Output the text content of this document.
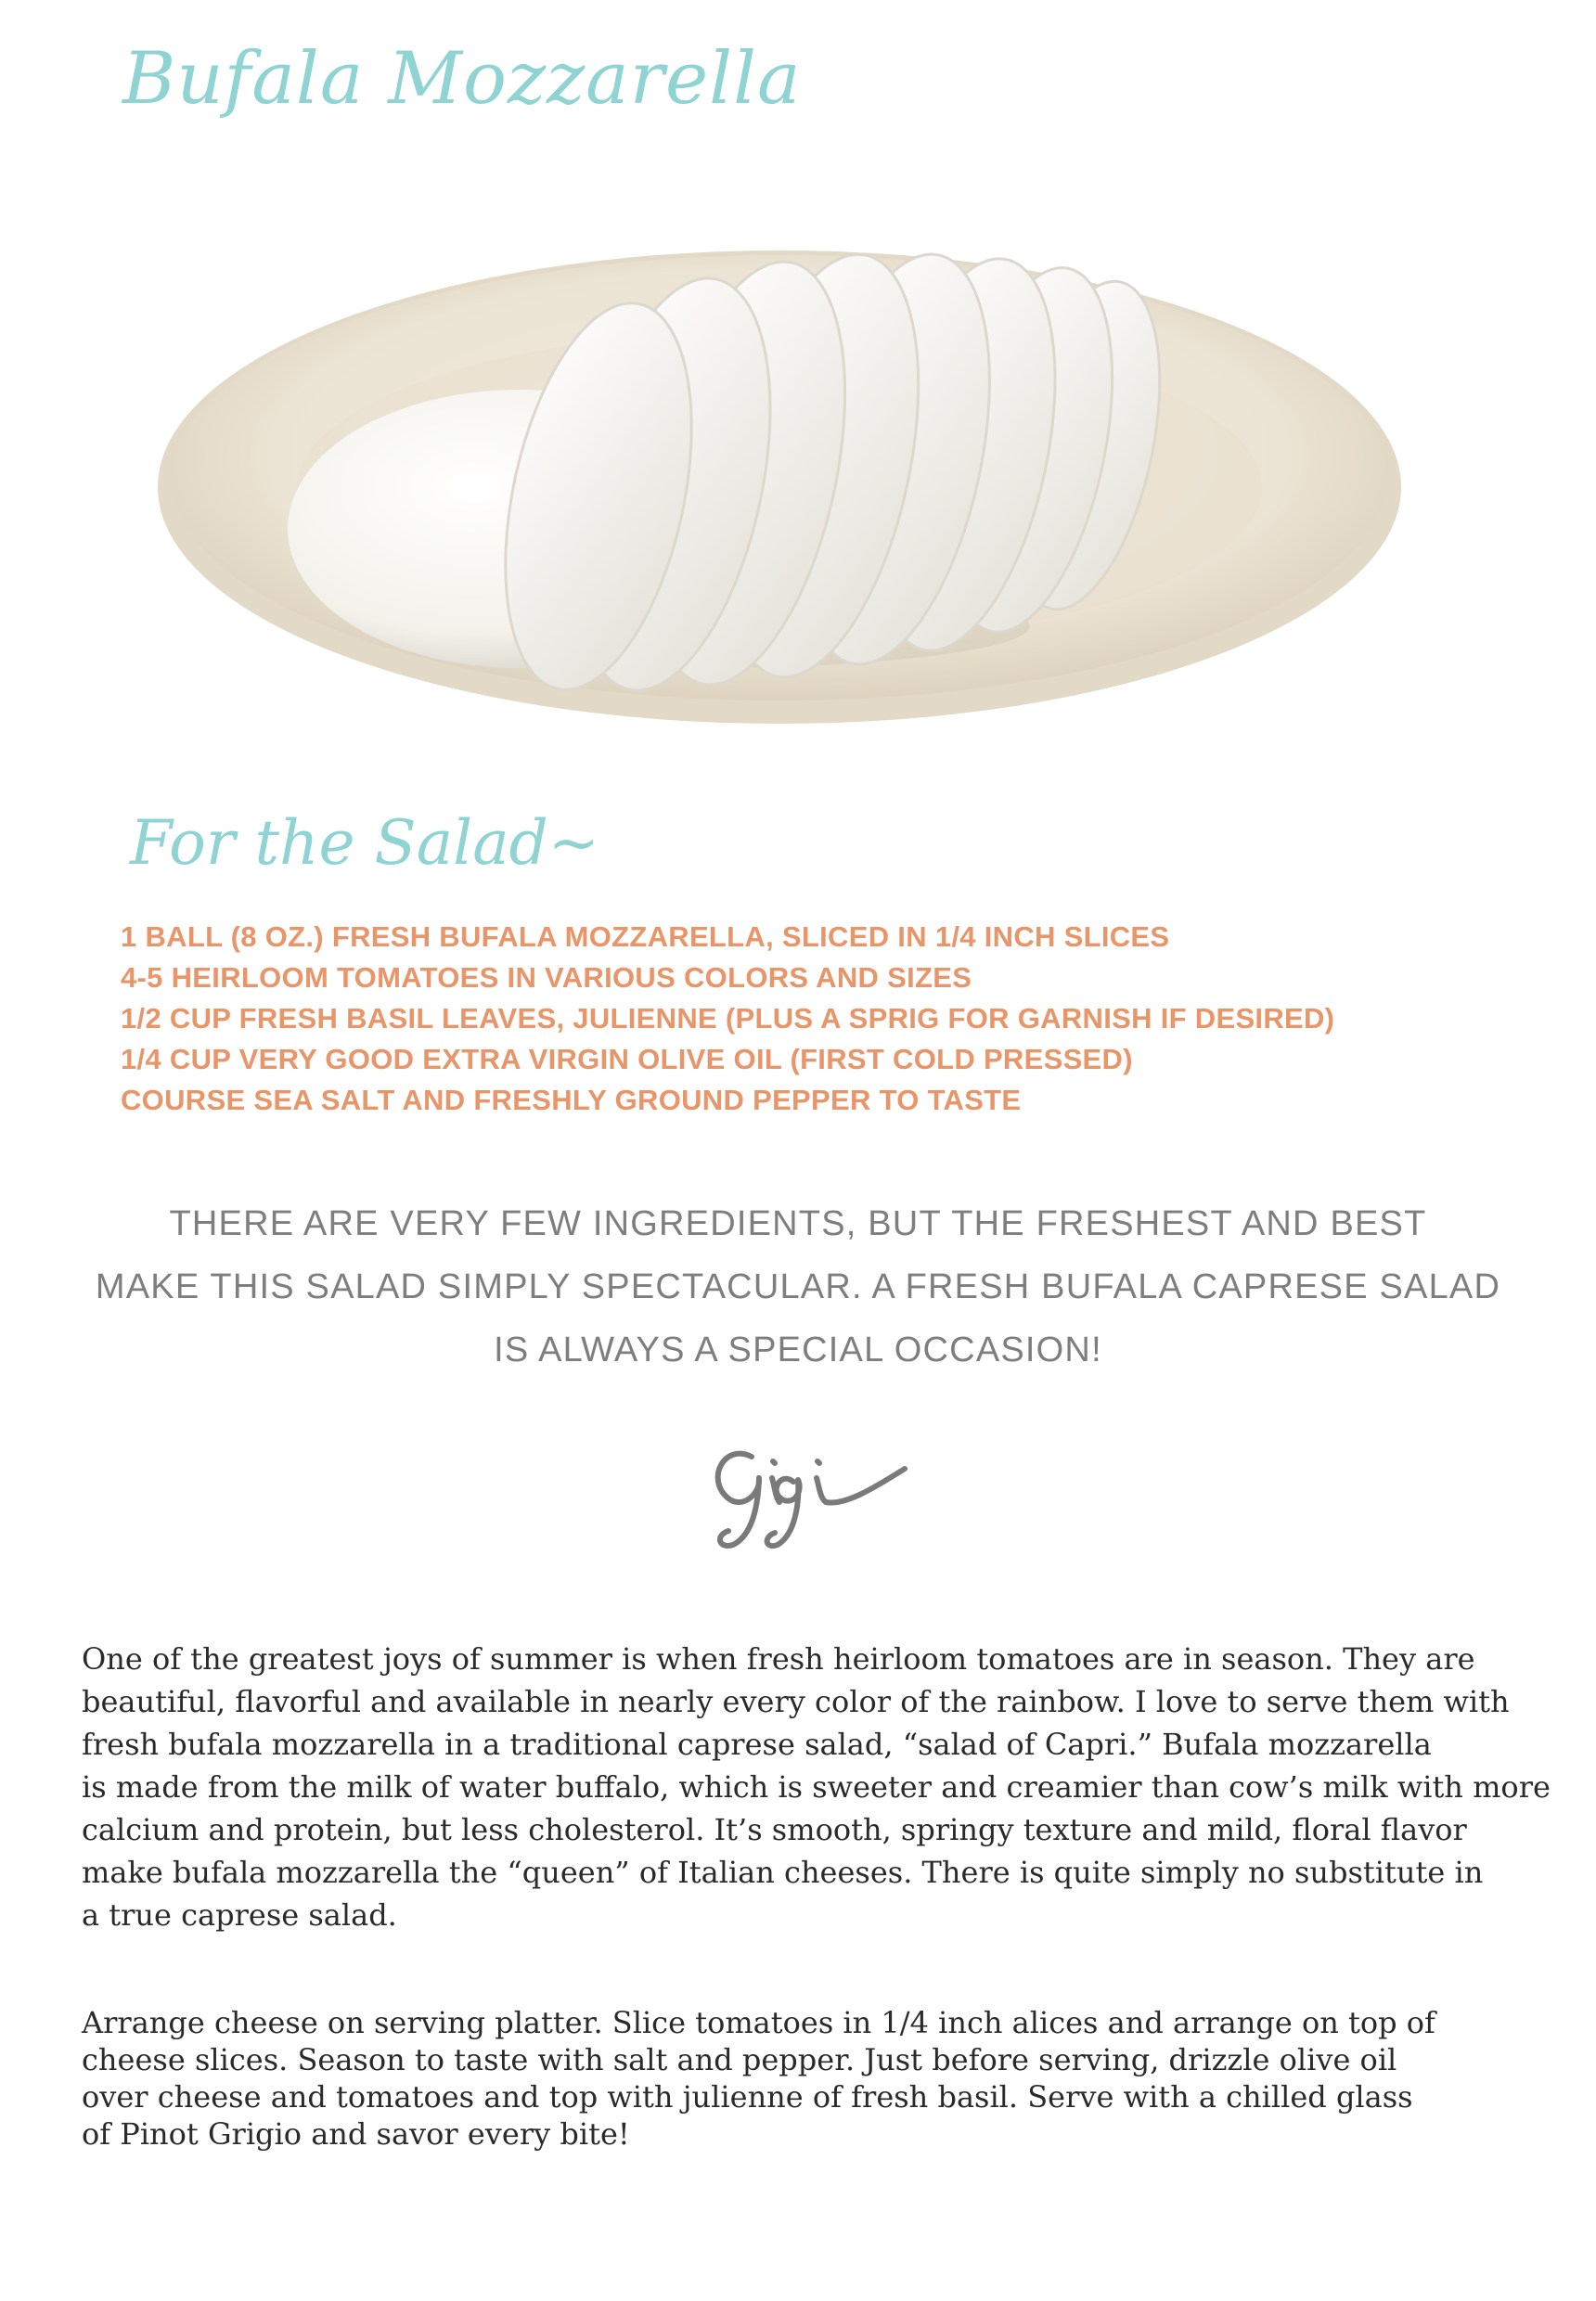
Bufala Mozzarella
For the Salad~
1 BALL (8 OZ.) FRESH BUFALA MOZZARELLA, SLICED IN 1/4 INCH SLICES
4-5 HEIRLOOM TOMATOES IN VARIOUS COLORS AND SIZES
1/2 CUP FRESH BASIL LEAVES, JULIENNE (PLUS A SPRIG FOR GARNISH IF DESIRED)
1/4 CUP VERY GOOD EXTRA VIRGIN OLIVE OIL (FIRST COLD PRESSED)
COURSE SEA SALT AND FRESHLY GROUND PEPPER TO TASTE

THERE ARE VERY FEW INGREDIENTS, BUT THE FRESHEST AND BEST
MAKE THIS SALAD SIMPLY SPECTACULAR. A FRESH BUFALA CAPRESE SALAD
IS ALWAYS A SPECIAL OCCASION!

One of the greatest joys of summer is when fresh heirloom tomatoes are in season. They are
beautiful, flavorful and available in nearly every color of the rainbow. I love to serve them with
fresh bufala mozzarella in a traditional caprese salad, “salad of Capri.” Bufala mozzarella
is made from the milk of water buffalo, which is sweeter and creamier than cow’s milk with more
calcium and protein, but less cholesterol. It’s smooth, springy texture and mild, floral flavor
make bufala mozzarella the “queen” of Italian cheeses. There is quite simply no substitute in
a true caprese salad.

Arrange cheese on serving platter. Slice tomatoes in 1/4 inch alices and arrange on top of
cheese slices. Season to taste with salt and pepper. Just before serving, drizzle olive oil
over cheese and tomatoes and top with julienne of fresh basil. Serve with a chilled glass
of Pinot Grigio and savor every bite!
